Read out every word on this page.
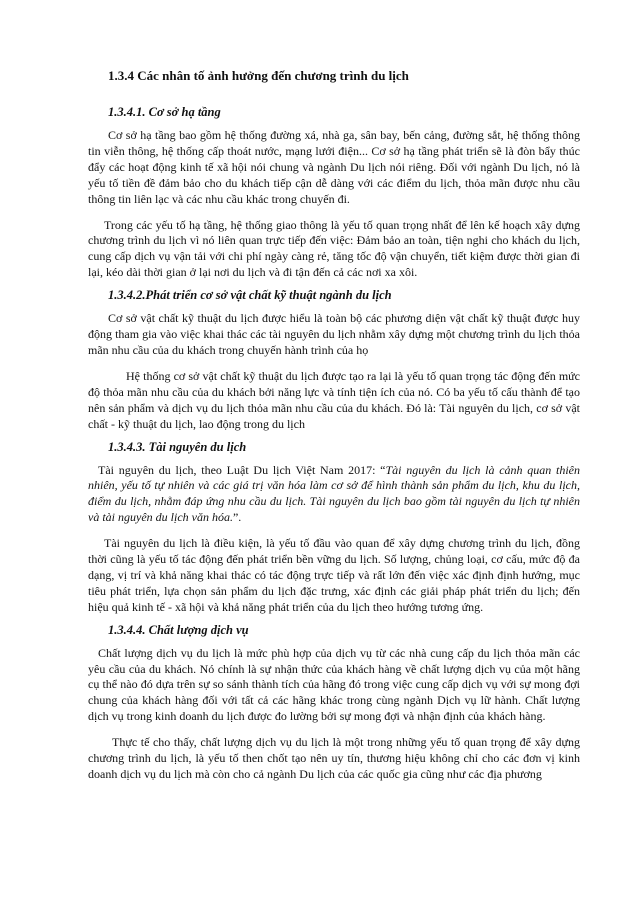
1.3.4 Các nhân tố ảnh hưởng đến chương trình du lịch
1.3.4.1. Cơ sở hạ tầng

Cơ sở hạ tầng bao gồm hệ thống đường xá, nhà ga, sân bay, bến cảng, đường sắt, hệ thống thông tin viễn thông, hệ thống cấp thoát nước, mạng lưới điện... Cơ sở hạ tầng phát triển sẽ là đòn bẩy thúc đẩy các hoạt động kinh tế xã hội nói chung và ngành Du lịch nói riêng. Đối với ngành Du lịch, nó là yếu tố tiền đề đảm bảo cho du khách tiếp cận dễ dàng với các điểm du lịch, thỏa mãn được nhu cầu thông tin liên lạc và các nhu cầu khác trong chuyến đi.

Trong các yếu tố hạ tầng, hệ thống giao thông là yếu tố quan trọng nhất để lên kế hoạch xây dựng chương trình du lịch vì nó liên quan trực tiếp đến việc: Đảm bảo an toàn, tiện nghi cho khách du lịch, cung cấp dịch vụ vận tải với chi phí ngày càng rẻ, tăng tốc độ vận chuyển, tiết kiệm được thời gian đi lại, kéo dài thời gian ở lại nơi du lịch và đi tận đến cả các nơi xa xôi.

1.3.4.2.Phát triển cơ sở vật chất kỹ thuật ngành du lịch

Cơ sở vật chất kỹ thuật du lịch được hiểu là toàn bộ các phương diện vật chất kỹ thuật được huy động tham gia vào việc khai thác các tài nguyên du lịch nhằm xây dựng một chương trình du lịch thỏa mãn nhu cầu của du khách trong chuyến hành trình của họ

Hệ thống cơ sở vật chất kỹ thuật du lịch được tạo ra lại là yếu tố quan trọng tác động đến mức độ thỏa mãn nhu cầu của du khách bởi năng lực và tính tiện ích của nó. Có ba yếu tố cấu thành để tạo nên sản phẩm và dịch vụ du lịch thỏa mãn nhu cầu của du khách. Đó là: Tài nguyên du lịch, cơ sở vật chất - kỹ thuật du lịch, lao động trong du lịch

1.3.4.3. Tài nguyên du lịch

Tài nguyên du lịch, theo Luật Du lịch Việt Nam 2017: “Tài nguyên du lịch là cảnh quan thiên nhiên, yếu tố tự nhiên và các giá trị văn hóa làm cơ sở để hình thành sản phẩm du lịch, khu du lịch, điểm du lịch, nhằm đáp ứng nhu cầu du lịch. Tài nguyên du lịch bao gồm tài nguyên du lịch tự nhiên và tài nguyên du lịch văn hóa.”.

Tài nguyên du lịch là điều kiện, là yếu tố đầu vào quan để xây dựng chương trình du lịch, đồng thời cũng là yếu tố tác động đến phát triển bền vững du lịch. Số lượng, chủng loại, cơ cấu, mức độ đa dạng, vị trí và khả năng khai thác có tác động trực tiếp và rất lớn đến việc xác định định hướng, mục tiêu phát triển, lựa chọn sản phẩm du lịch đặc trưng, xác định các giải pháp phát triển du lịch; đến hiệu quả kinh tế - xã hội và khả năng phát triển của du lịch theo hướng tương ứng.

1.3.4.4. Chất lượng dịch vụ

Chất lượng dịch vụ du lịch là mức phù hợp của dịch vụ từ các nhà cung cấp du lịch thỏa mãn các yêu cầu của du khách. Nó chính là sự nhận thức của khách hàng về chất lượng dịch vụ của một hãng cụ thể nào đó dựa trên sự so sánh thành tích của hãng đó trong việc cung cấp dịch vụ với sự mong đợi chung của khách hàng đối với tất cả các hãng khác trong cùng ngành Dịch vụ lữ hành. Chất lượng dịch vụ trong kinh doanh du lịch được đo lường bởi sự mong đợi và nhận định của khách hàng.

Thực tế cho thấy, chất lượng dịch vụ du lịch là một trong những yếu tố quan trọng để xây dựng chương trình du lịch, là yếu tố then chốt tạo nên uy tín, thương hiệu không chỉ cho các đơn vị kinh doanh dịch vụ du lịch mà còn cho cả ngành Du lịch của các quốc gia cũng như các địa phương
